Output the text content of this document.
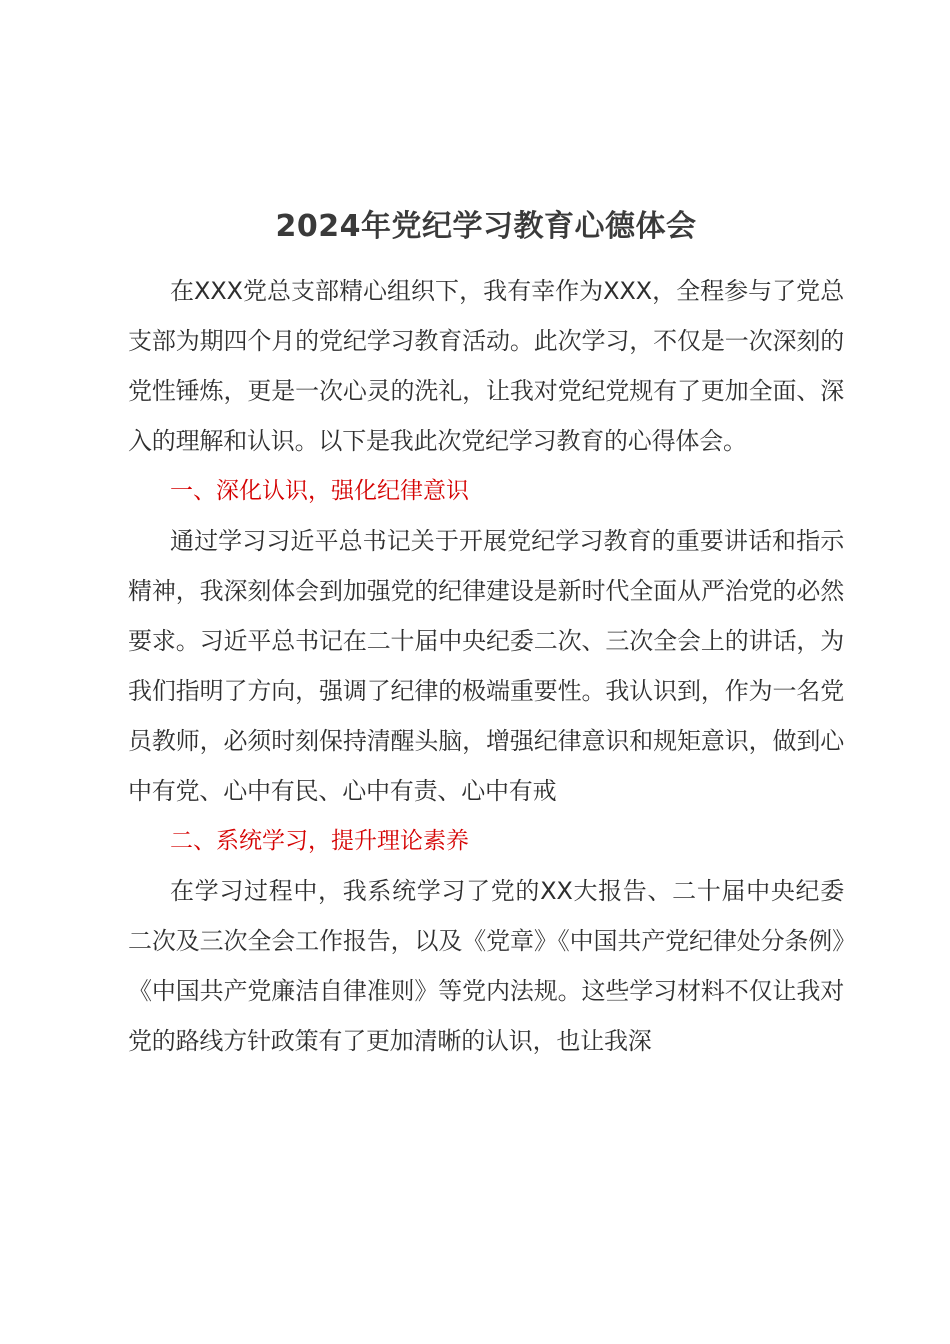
2024年党纪学习教育心德体会

在XXX党总支部精心组织下，我有幸作为XXX，全程参与了党总支部为期四个月的党纪学习教育活动。此次学习，不仅是一次深刻的党性锤炼，更是一次心灵的洗礼，让我对党纪党规有了更加全面、深入的理解和认识。以下是我此次党纪学习教育的心得体会。

一、深化认识，强化纪律意识

通过学习习近平总书记关于开展党纪学习教育的重要讲话和指示精神，我深刻体会到加强党的纪律建设是新时代全面从严治党的必然要求。习近平总书记在二十届中央纪委二次、三次全会上的讲话，为我们指明了方向，强调了纪律的极端重要性。我认识到，作为一名党员教师，必须时刻保持清醒头脑，增强纪律意识和规矩意识，做到心中有党、心中有民、心中有责、心中有戒

二、系统学习，提升理论素养

在学习过程中，我系统学习了党的XX大报告、二十届中央纪委二次及三次全会工作报告，以及《党章》《中国共产党纪律处分条例》《中国共产党廉洁自律准则》等党内法规。这些学习材料不仅让我对党的路线方针政策有了更加清晰的认识，也让我深
